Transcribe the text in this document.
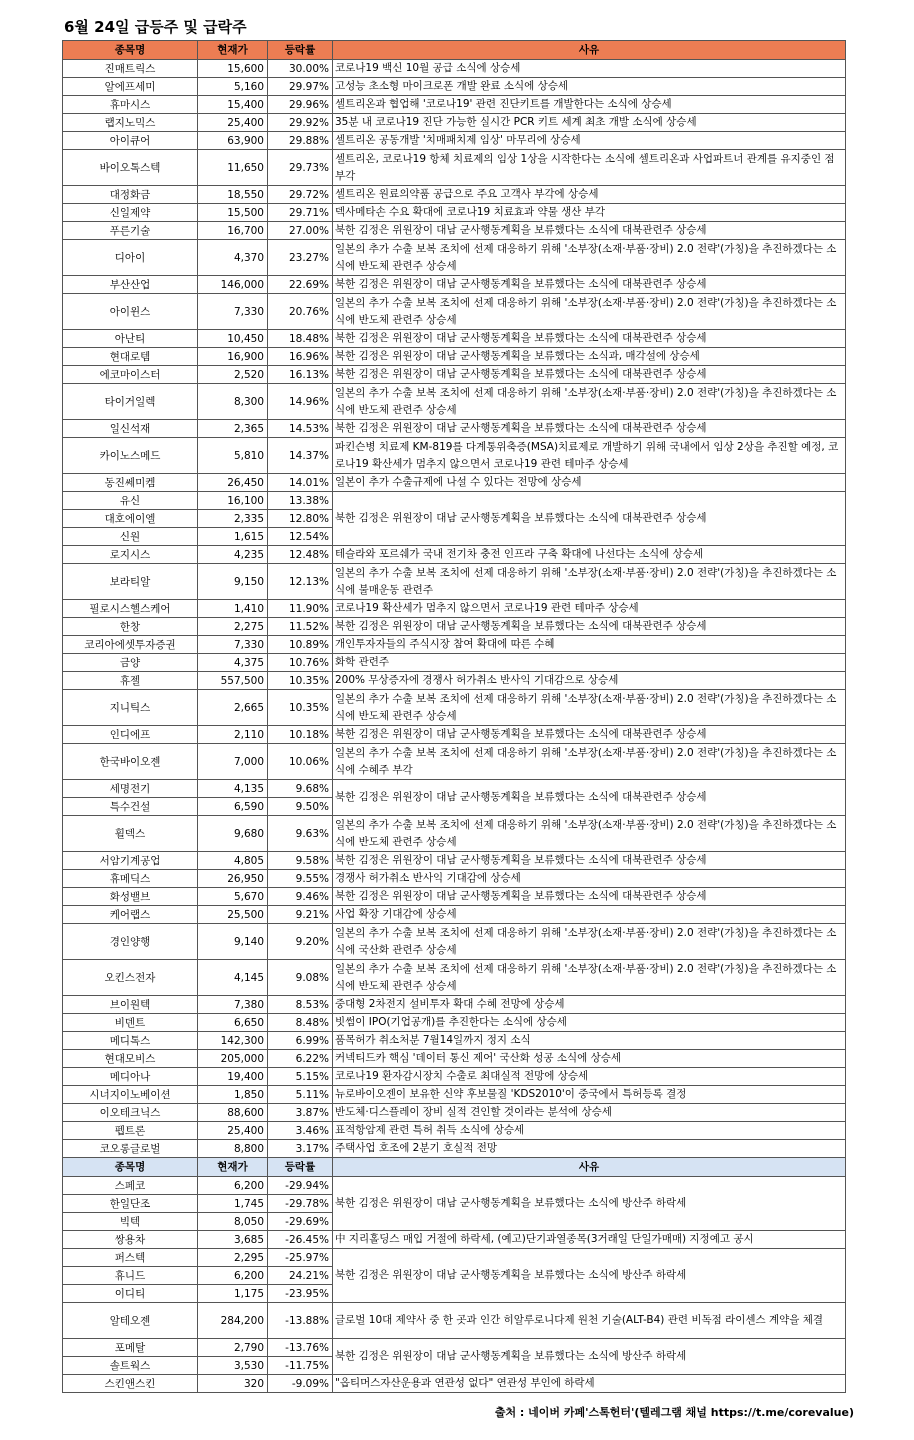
6월 24일 급등주 및 급락주
종목명	현재가	등락률	사유
진매트릭스	15,600	30.00%	코로나19 백신 10월 공급 소식에 상승세
알에프세미	5,160	29.97%	고성능 초소형 마이크로폰 개발 완료 소식에 상승세
휴마시스	15,400	29.96%	셀트리온과 협업해 '코로나19' 관련 진단키트를 개발한다는 소식에 상승세
랩지노믹스	25,400	29.92%	35분 내 코로나19 진단 가능한 실시간 PCR 키트 세계 최초 개발 소식에 상승세
아이큐어	63,900	29.88%	셀트리온 공동개발 '치매패치제 임상' 마무리에 상승세
바이오톡스텍	11,650	29.73%	셀트리온, 코로나19 항체 치료제의 임상 1상을 시작한다는 소식에 셀트리온과 사업파트너 관계를 유지중인 점 부각
대정화금	18,550	29.72%	셀트리온 원료의약품 공급으로 주요 고객사 부각에 상승세
신일제약	15,500	29.71%	덱사메타손 수요 확대에 코로나19 치료효과 약물 생산 부각
푸른기술	16,700	27.00%	북한 김정은 위원장이 대남 군사행동계획을 보류했다는 소식에 대북관련주 상승세
디아이	4,370	23.27%	일본의 추가 수출 보복 조치에 선제 대응하기 위해 '소부장(소재·부품·장비) 2.0 전략'(가칭)을 추진하겠다는 소식에 반도체 관련주 상승세
부산산업	146,000	22.69%	북한 김정은 위원장이 대남 군사행동계획을 보류했다는 소식에 대북관련주 상승세
아이윈스	7,330	20.76%	일본의 추가 수출 보복 조치에 선제 대응하기 위해 '소부장(소재·부품·장비) 2.0 전략'(가칭)을 추진하겠다는 소식에 반도체 관련주 상승세
아난티	10,450	18.48%	북한 김정은 위원장이 대남 군사행동계획을 보류했다는 소식에 대북관련주 상승세
현대로템	16,900	16.96%	북한 김정은 위원장이 대남 군사행동계획을 보류했다는 소식과, 매각설에 상승세
에코마이스터	2,520	16.13%	북한 김정은 위원장이 대남 군사행동계획을 보류했다는 소식에 대북관련주 상승세
타이거일렉	8,300	14.96%	일본의 추가 수출 보복 조치에 선제 대응하기 위해 '소부장(소재·부품·장비) 2.0 전략'(가칭)을 추진하겠다는 소식에 반도체 관련주 상승세
일신석재	2,365	14.53%	북한 김정은 위원장이 대남 군사행동계획을 보류했다는 소식에 대북관련주 상승세
카이노스메드	5,810	14.37%	파킨슨병 치료제 KM-819를 다계통위축증(MSA)치료제로 개발하기 위해 국내에서 임상 2상을 추진할 예정, 코로나19 확산세가 멈추지 않으면서 코로나19 관련 테마주 상승세
동진쎄미켐	26,450	14.01%	일본이 추가 수출규제에 나설 수 있다는 전망에 상승세
유신	16,100	13.38%	북한 김정은 위원장이 대남 군사행동계획을 보류했다는 소식에 대북관련주 상승세
대호에이엘	2,335	12.80%	
신원	1,615	12.54%	
로지시스	4,235	12.48%	테슬라와 포르쉐가 국내 전기차 충전 인프라 구축 확대에 나선다는 소식에 상승세
보라티알	9,150	12.13%	일본의 추가 수출 보복 조치에 선제 대응하기 위해 '소부장(소재·부품·장비) 2.0 전략'(가칭)을 추진하겠다는 소식에 불매운동 관련주
필로시스헬스케어	1,410	11.90%	코로나19 확산세가 멈추지 않으면서 코로나19 관련 테마주 상승세
한창	2,275	11.52%	북한 김정은 위원장이 대남 군사행동계획을 보류했다는 소식에 대북관련주 상승세
코리아에셋투자증권	7,330	10.89%	개인투자자들의 주식시장 참여 확대에 따른 수혜
금양	4,375	10.76%	화학 관련주
휴젤	557,500	10.35%	200% 무상증자에 경쟁사 허가취소 반사익 기대감으로 상승세
지니틱스	2,665	10.35%	일본의 추가 수출 보복 조치에 선제 대응하기 위해 '소부장(소재·부품·장비) 2.0 전략'(가칭)을 추진하겠다는 소식에 반도체 관련주 상승세
인디에프	2,110	10.18%	북한 김정은 위원장이 대남 군사행동계획을 보류했다는 소식에 대북관련주 상승세
한국바이오젠	7,000	10.06%	일본의 추가 수출 보복 조치에 선제 대응하기 위해 '소부장(소재·부품·장비) 2.0 전략'(가칭)을 추진하겠다는 소식에 수혜주 부각
세명전기	4,135	9.68%	북한 김정은 위원장이 대남 군사행동계획을 보류했다는 소식에 대북관련주 상승세
특수건설	6,590	9.50%	
휠덱스	9,680	9.63%	일본의 추가 수출 보복 조치에 선제 대응하기 위해 '소부장(소재·부품·장비) 2.0 전략'(가칭)을 추진하겠다는 소식에 반도체 관련주 상승세
서암기계공업	4,805	9.58%	북한 김정은 위원장이 대남 군사행동계획을 보류했다는 소식에 대북관련주 상승세
휴메딕스	26,950	9.55%	경쟁사 허가취소 반사익 기대감에 상승세
화성밸브	5,670	9.46%	북한 김정은 위원장이 대남 군사행동계획을 보류했다는 소식에 대북관련주 상승세
케어랩스	25,500	9.21%	사업 확장 기대감에 상승세
경인양행	9,140	9.20%	일본의 추가 수출 보복 조치에 선제 대응하기 위해 '소부장(소재·부품·장비) 2.0 전략'(가칭)을 추진하겠다는 소식에 국산화 관련주 상승세
오킨스전자	4,145	9.08%	일본의 추가 수출 보복 조치에 선제 대응하기 위해 '소부장(소재·부품·장비) 2.0 전략'(가칭)을 추진하겠다는 소식에 반도체 관련주 상승세
브이원텍	7,380	8.53%	중대형 2차전지 설비투자 확대 수혜 전망에 상승세
비덴트	6,650	8.48%	빗썸이 IPO(기업공개)를 추진한다는 소식에 상승세
메디톡스	142,300	6.99%	품목허가 취소처분 7월14일까지 정지 소식
현대모비스	205,000	6.22%	커넥티드카 핵심 '데이터 통신 제어' 국산화 성공 소식에 상승세
메디아나	19,400	5.15%	코로나19 환자감시장치 수출로 최대실적 전망에 상승세
시너지이노베이션	1,850	5.11%	뉴로바이오젠이 보유한 신약 후보물질 'KDS2010'이 중국에서 특허등록 결정
이오테크닉스	88,600	3.87%	반도체·디스플레이 장비 실적 견인할 것이라는 분석에 상승세
펩트론	25,400	3.46%	표적항암제 관련 특허 취득 소식에 상승세
코오롱글로벌	8,800	3.17%	주택사업 호조에 2분기 호실적 전망
종목명	현재가	등락률	사유
스페코	6,200	-29.94%	북한 김정은 위원장이 대남 군사행동계획을 보류했다는 소식에 방산주 하락세
한일단조	1,745	-29.78%	
빅텍	8,050	-29.69%	
쌍용차	3,685	-26.45%	中 지리홀딩스 매입 거절에 하락세, (예고)단기과열종목(3거래일 단일가매매) 지정예고 공시
퍼스텍	2,295	-25.97%	북한 김정은 위원장이 대남 군사행동계획을 보류했다는 소식에 방산주 하락세
휴니드	6,200	24.21%	
이디티	1,175	-23.95%	
알테오젠	284,200	-13.88%	글로벌 10대 제약사 중 한 곳과 인간 히알루로니다제 원천 기술(ALT-B4) 관련 비독점 라이센스 계약을 체결
포메탈	2,790	-13.76%	북한 김정은 위원장이 대남 군사행동계획을 보류했다는 소식에 방산주 하락세
솔트웍스	3,530	-11.75%	
스킨앤스킨	320	-9.09%	"옵티머스자산운용과 연관성 없다" 연관성 부인에 하락세
출처 : 네이버 카페'스톡헌터'(텔레그램 채널 https://t.me/corevalue)
